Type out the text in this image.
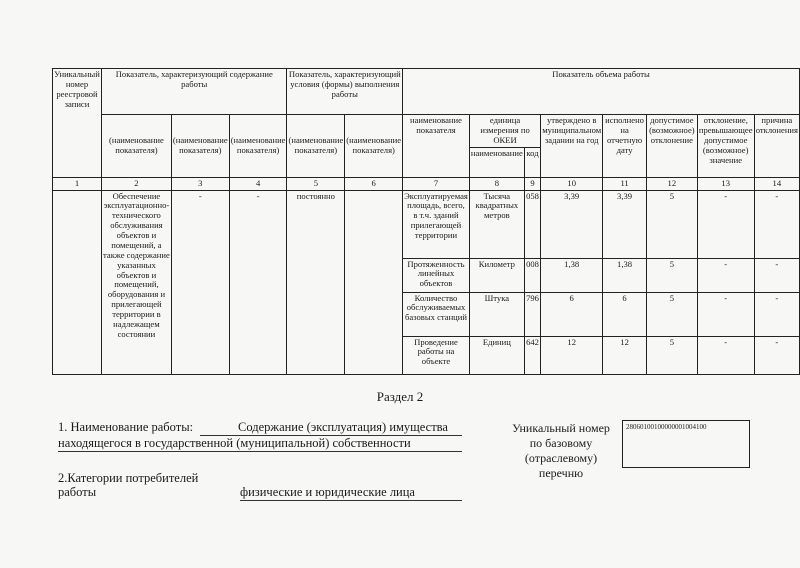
Уникальный номер реестровой записи	Показатель, характеризующий содержание работы			Показатель, характеризующий условия (формы) выполнения работы		Показатель объема работы							
	(наименование показателя)	(наименование показателя)	(наименование показателя)	(наименование показателя)	(наименование показателя)	наименование показателя	единица измерения по ОКЕИ		утверждено в муниципальном задании на год	исполнено на отчетную дату	допустимое (возможное) отклонение	отклонение, превышающее допустимое (возможное) значение	причина отклонения
							наименование	код					
1	2	3	4	5	6	7	8	9	10	11	12	13	14
	Обеспечение эксплуатационно-технического обслуживания объектов и помещений, а также содержание указанных объектов и помещений, оборудования и прилегающей территории в надлежащем состоянии	-	-	постоянно		Эксплуатируемая площадь, всего, в т.ч. зданий прилегающей территории	Тысяча квадратных метров	058	3,39	3,39	5	-	-
						Протяженность линейных объектов	Километр	008	1,38	1,38	5	-	-
						Количество обслуживаемых базовых станций	Штука	796	6	6	5	-	-
						Проведение работы на объекте	Единиц	642	12	12	5	-	-
Раздел 2
1. Наименование работы:	Содержание (эксплуатация) имущества
находящегося в государственной (муниципальной) собственности
Уникальный номер по базовому (отраслевому) перечню
28060100100000001004100
2.Категории потребителей
работы	физические и юридические лица
